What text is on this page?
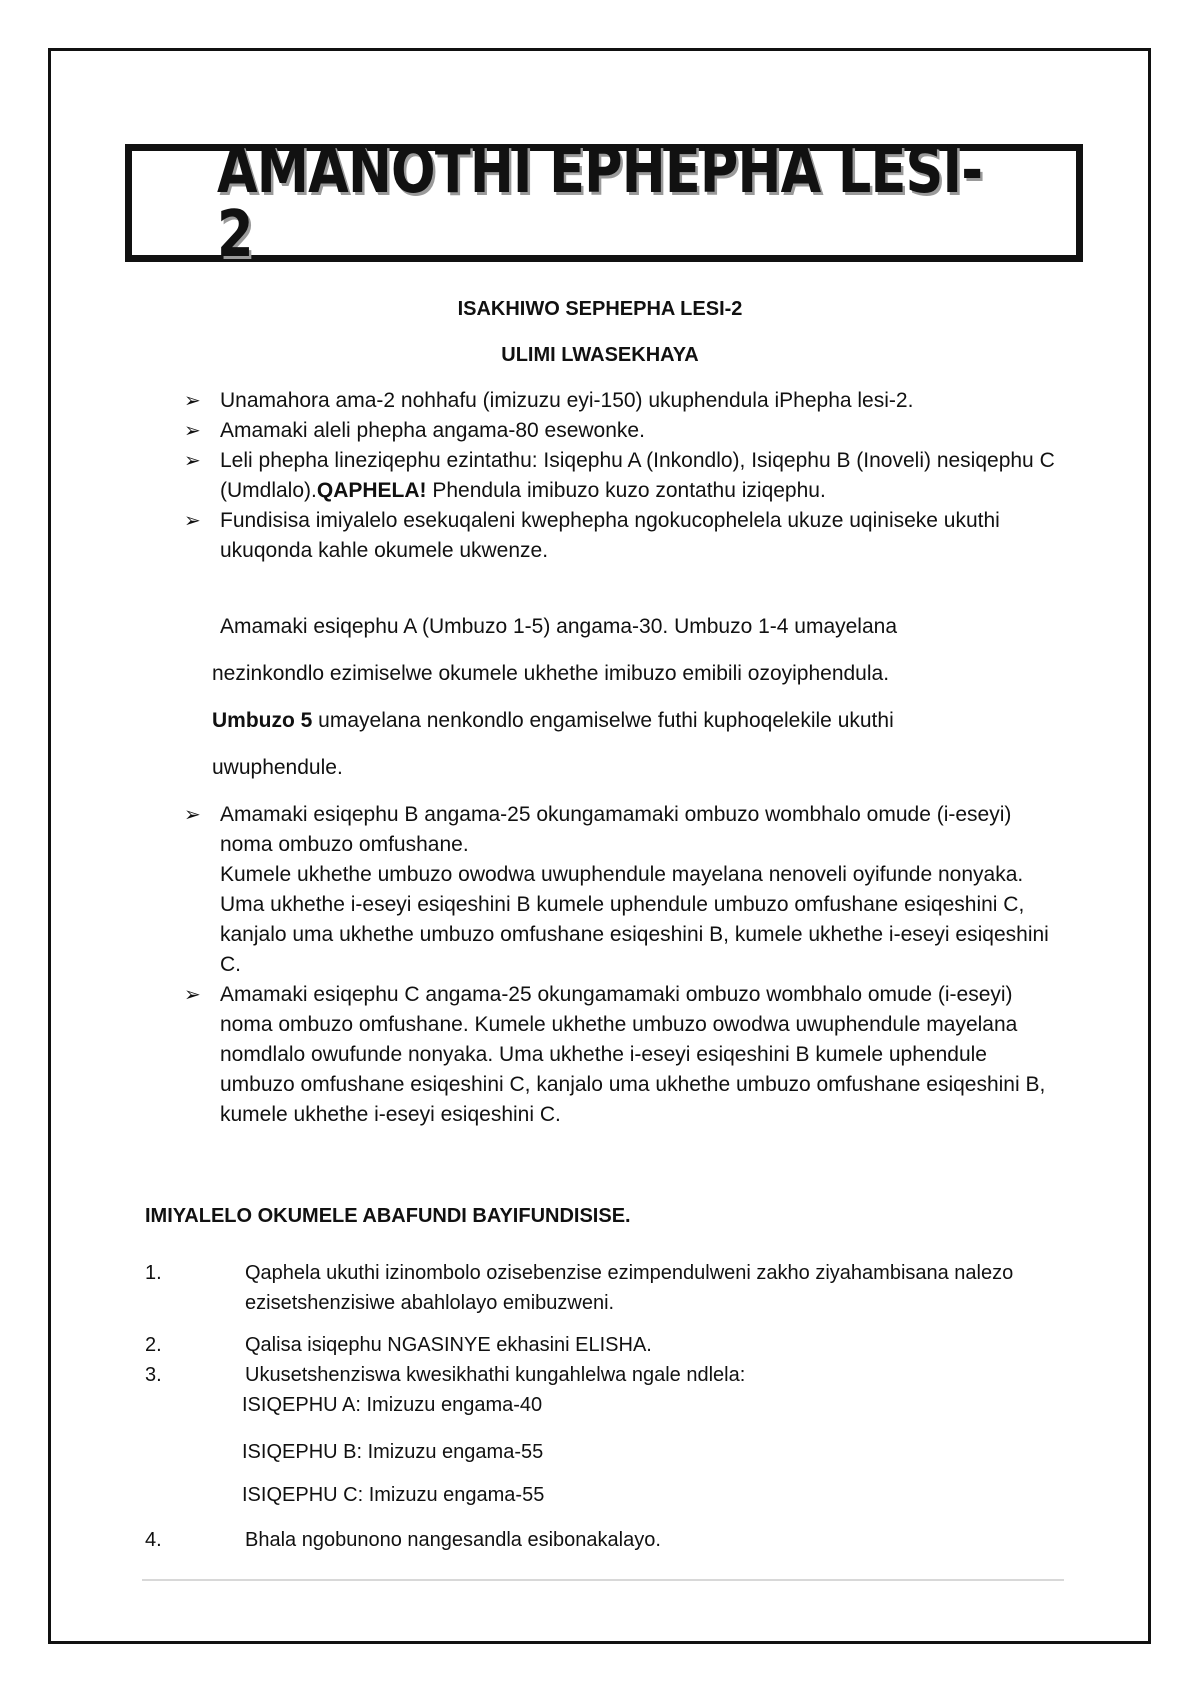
AMANOTHI EPHEPHA LESI-2
ISAKHIWO SEPHEPHA LESI-2
ULIMI LWASEKHAYA

➢ Unamahora ama-2 nohhafu (imizuzu eyi-150) ukuphendula iPhepha lesi-2.

➢ Amamaki aleli phepha angama-80 esewonke.

➢ Leli phepha lineziqephu ezintathu: Isiqephu A (Inkondlo), Isiqephu B (Inoveli) nesiqephu C (Umdlalo).QAPHELA! Phendula imibuzo kuzo zontathu iziqephu.

➢ Fundisisa imiyalelo esekuqaleni kwephepha ngokucophelela ukuze uqiniseke ukuthi ukuqonda kahle okumele ukwenze.

Amamaki esiqephu A (Umbuzo 1-5) angama-30. Umbuzo 1-4 umayelana
nezinkondlo ezimiselwe okumele ukhethe imibuzo emibili ozoyiphendula.
Umbuzo 5 umayelana nenkondlo engamiselwe futhi kuphoqelekile ukuthi
uwuphendule.

➢ Amamaki esiqephu B angama-25 okungamamaki ombuzo wombhalo omude (i-eseyi) noma ombuzo omfushane.
Kumele ukhethe umbuzo owodwa uwuphendule mayelana nenoveli oyifunde nonyaka. Uma ukhethe i-eseyi esiqeshini B kumele uphendule umbuzo omfushane esiqeshini C, kanjalo uma ukhethe umbuzo omfushane esiqeshini B, kumele ukhethe i-eseyi esiqeshini C.

➢ Amamaki esiqephu C angama-25 okungamamaki ombuzo wombhalo omude (i-eseyi) noma ombuzo omfushane. Kumele ukhethe umbuzo owodwa uwuphendule mayelana nomdlalo owufunde nonyaka. Uma ukhethe i-eseyi esiqeshini B kumele uphendule umbuzo omfushane esiqeshini C, kanjalo uma ukhethe umbuzo omfushane esiqeshini B, kumele ukhethe i-eseyi esiqeshini C.

IMIYALELO OKUMELE ABAFUNDI BAYIFUNDISISE.
1.	Qaphela ukuthi izinombolo ozisebenzise ezimpendulweni zakho ziyahambisana nalezo ezisetshenzisiwe abahlolayo emibuzweni.
2.	Qalisa isiqephu NGASINYE ekhasini ELISHA.
3.	Ukusetshenziswa kwesikhathi kungahlelwa ngale ndlela:
ISIQEPHU A: Imizuzu engama-40
ISIQEPHU B: Imizuzu engama-55
ISIQEPHU C: Imizuzu engama-55
4.	Bhala ngobunono nangesandla esibonakalayo.
